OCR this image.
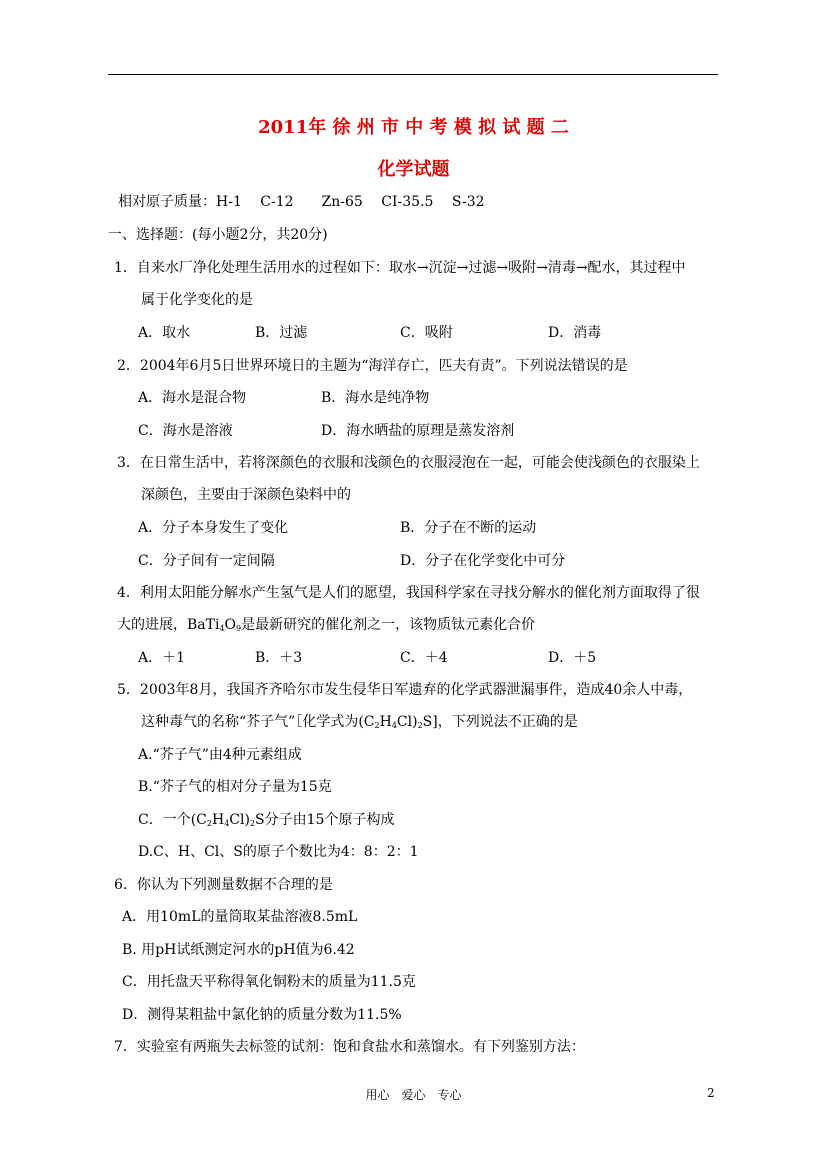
2011年 徐 州 市 中 考 模 拟 试 题 二
化学试题
相对原子质量：H-1　 C-12　　Zn-65　 CI-35.5　 S-32
一、选择题：(每小题2分，共20分)
1．自来水厂净化处理生活用水的过程如下：取水→沉淀→过滤→吸附→清毒→配水，其过程中
属于化学变化的是
A．取水	B．过滤	C．吸附	D．消毒
2．2004年6月5日世界环境日的主题为“海洋存亡，匹夫有责”。下列说法错误的是
A．海水是混合物	B．海水是纯净物
C．海水是溶液	D．海水晒盐的原理是蒸发溶剂
3．在日常生活中，若将深颜色的衣服和浅颜色的衣服浸泡在一起，可能会使浅颜色的衣服染上
深颜色，主要由于深颜色染料中的
A．分子本身发生了变化	B．分子在不断的运动
C．分子间有一定间隔	D．分子在化学变化中可分
4．利用太阳能分解水产生氢气是人们的愿望，我国科学家在寻找分解水的催化剂方面取得了很
大的进展，$BaTi_4O_9$是最新研究的催化剂之一，该物质钛元素化合价
A．＋1	B．＋3	C．＋4	D．＋5
5．2003年8月，我国齐齐哈尔市发生侵华日军遗弃的化学武器泄漏事件，造成40余人中毒，
这种毒气的名称“芥子气”［化学式为$(C_2H_4Cl)_2S$]，下列说法不正确的是
A.“芥子气”由4种元素组成
B.“芥子气的相对分子量为15克
C．一个$(C_2H_4Cl)_2S$分子由15个原子构成
D.C、H、Cl、S的原子个数比为4：8：2：1
6．你认为下列测量数据不合理的是
A．用10mL的量筒取某盐溶液8.5mL
B. 用pH试纸测定河水的pH值为6.42
C．用托盘天平称得氧化铜粉末的质量为11.5克
D．测得某粗盐中氯化钠的质量分数为11.5%
7．实验室有两瓶失去标签的试剂：饱和食盐水和蒸馏水。有下列鉴别方法：
用心　爱心　专心	2
